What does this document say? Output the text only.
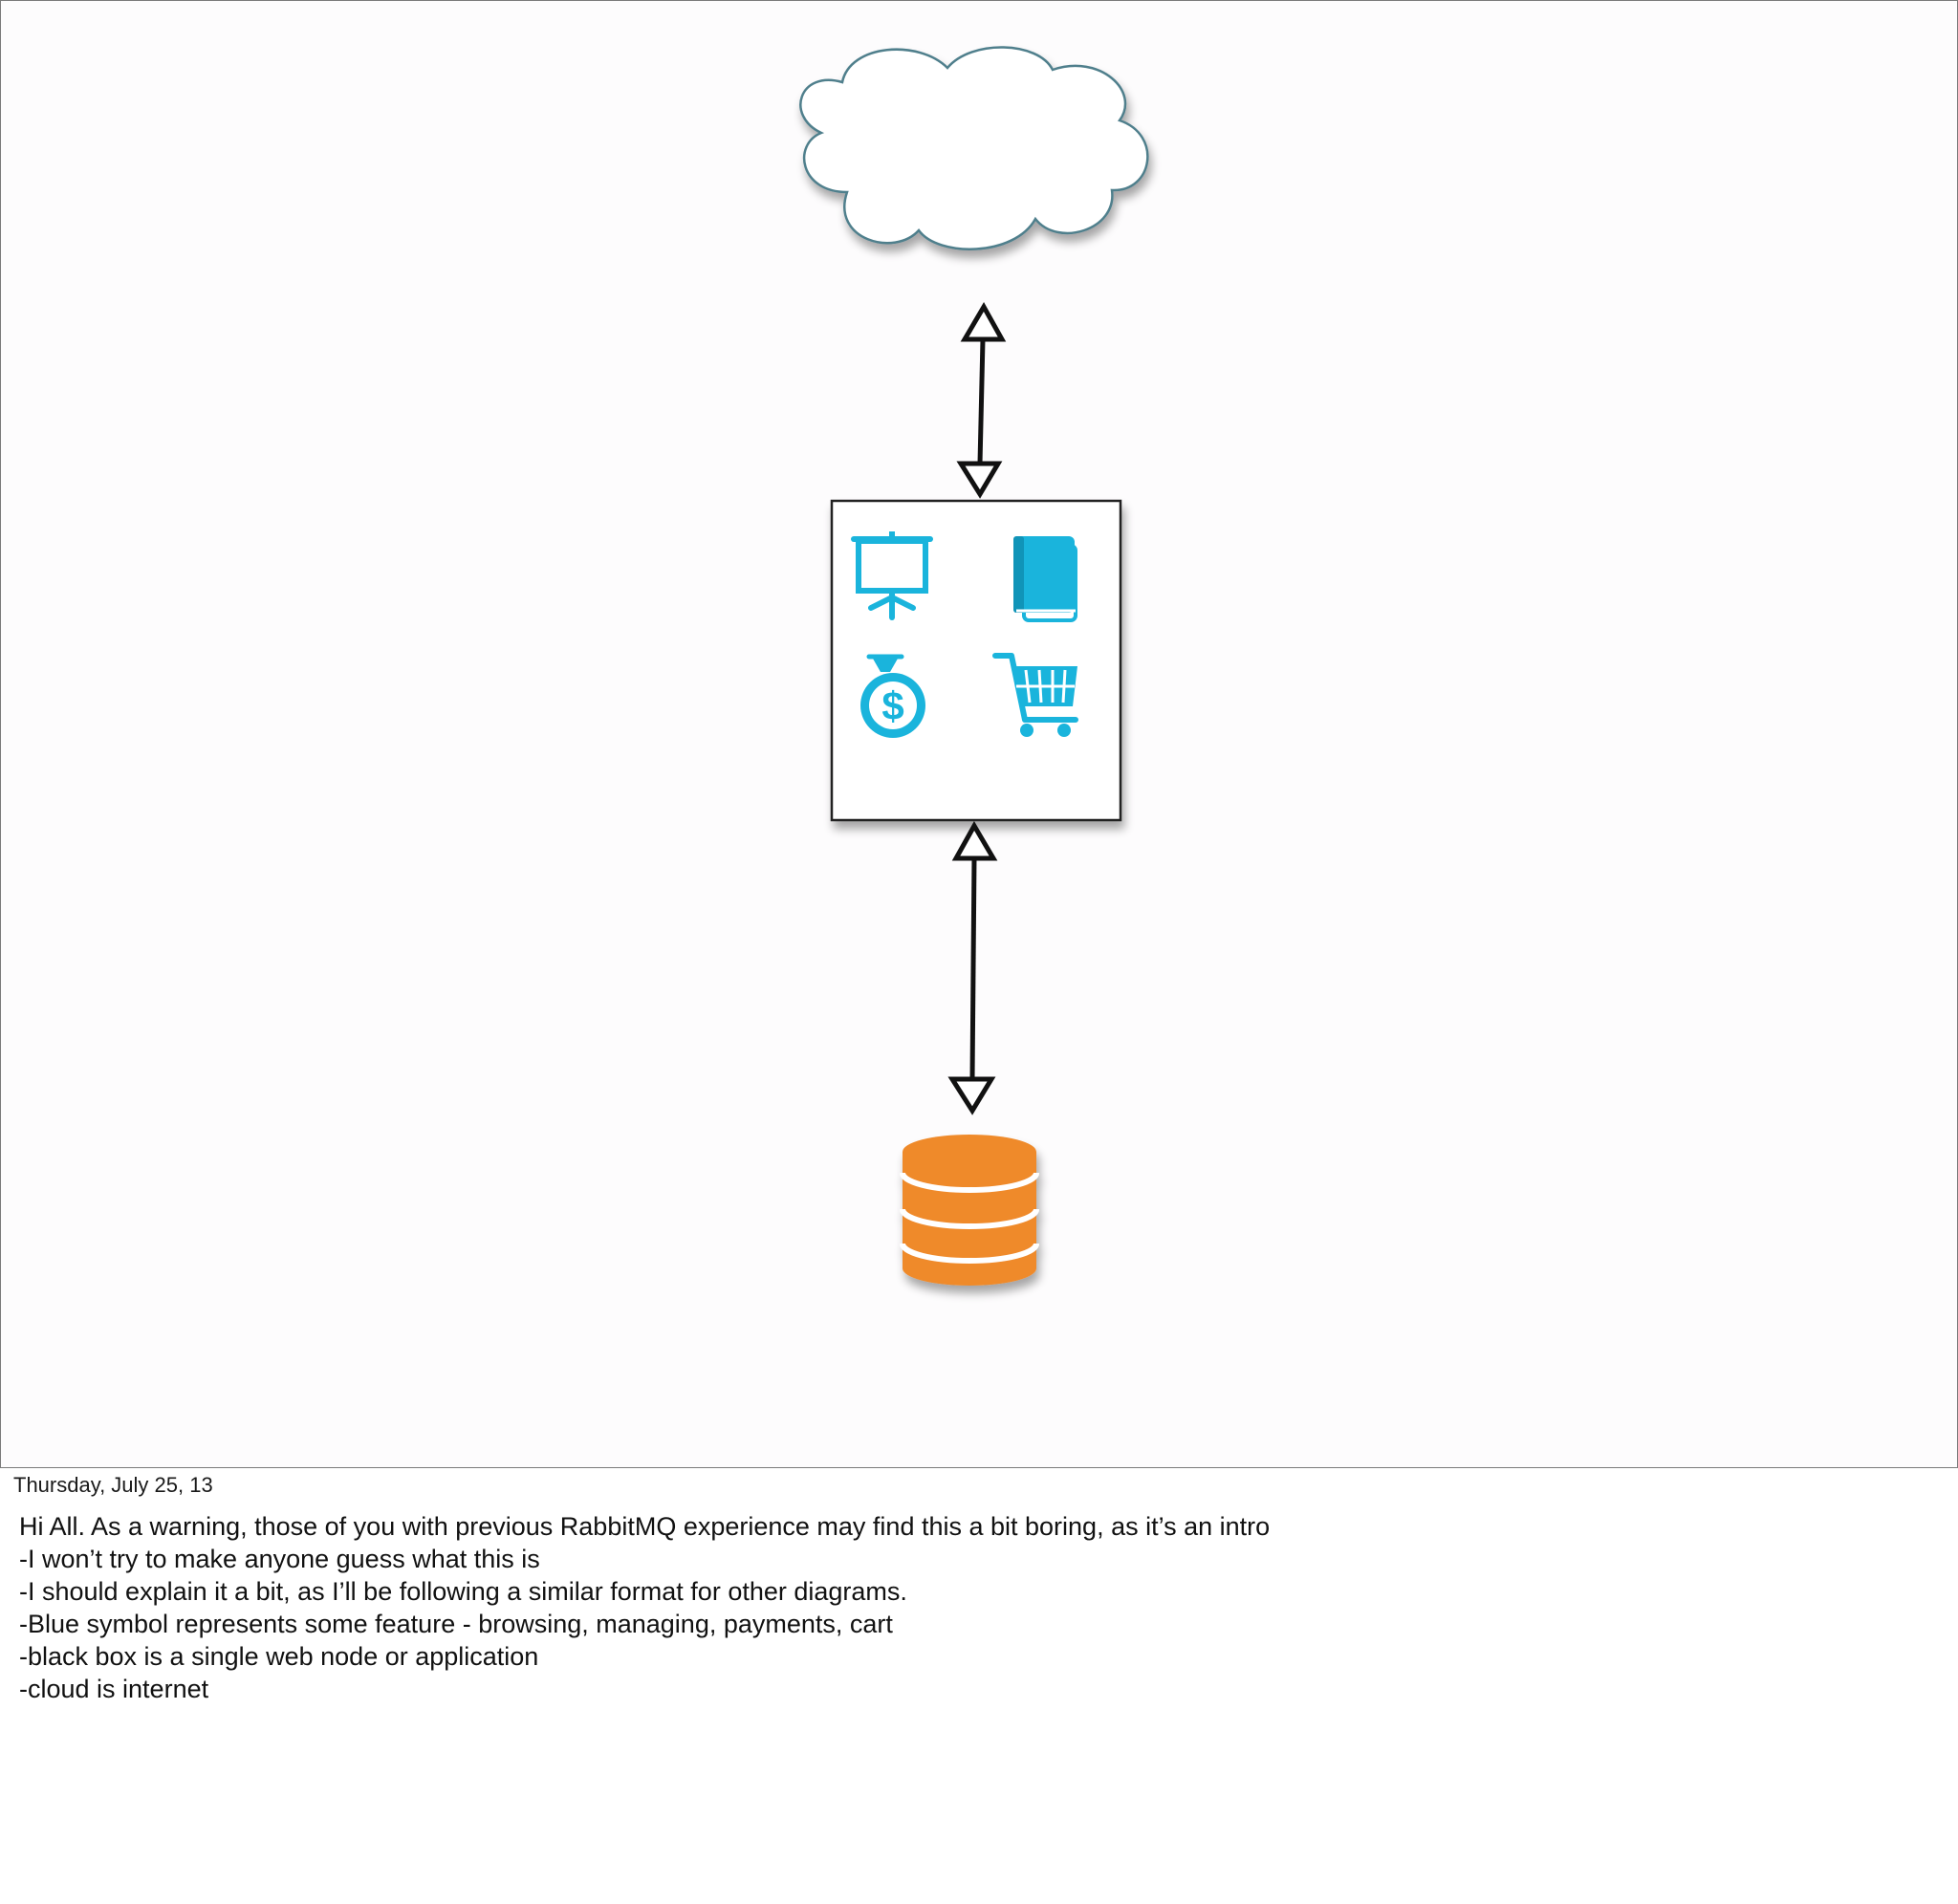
$
Thursday, July 25, 13
Hi All. As a warning, those of you with previous RabbitMQ experience may find this a bit boring, as it’s an intro
-I won’t try to make anyone guess what this is
-I should explain it a bit, as I’ll be following a similar format for other diagrams.
-Blue symbol represents some feature - browsing, managing, payments, cart
-black box is a single web node or application
-cloud is internet
